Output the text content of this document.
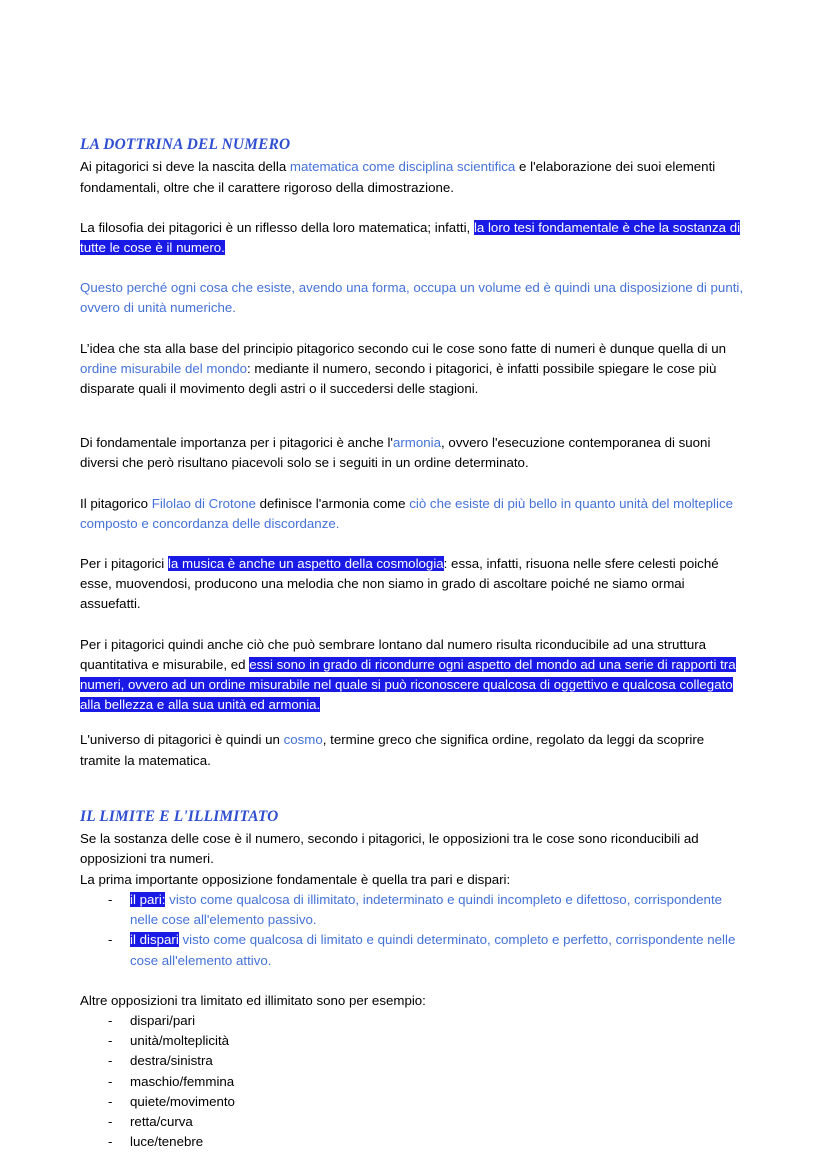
LA DOTTRINA DEL NUMERO

Ai pitagorici si deve la nascita della matematica come disciplina scientifica e l'elaborazione dei suoi elementi fondamentali, oltre che il carattere rigoroso della dimostrazione.

La filosofia dei pitagorici è un riflesso della loro matematica; infatti, la loro tesi fondamentale è che la sostanza di tutte le cose è il numero.

Questo perché ogni cosa che esiste, avendo una forma, occupa un volume ed è quindi una disposizione di punti, ovvero di unità numeriche.

L’idea che sta alla base del principio pitagorico secondo cui le cose sono fatte di numeri è dunque quella di un ordine misurabile del mondo: mediante il numero, secondo i pitagorici, è infatti possibile spiegare le cose più disparate quali il movimento degli astri o il succedersi delle stagioni.

Di fondamentale importanza per i pitagorici è anche l'armonia, ovvero l'esecuzione contemporanea di suoni diversi che però risultano piacevoli solo se i seguiti in un ordine determinato.

Il pitagorico Filolao di Crotone definisce l'armonia come ciò che esiste di più bello in quanto unità del molteplice composto e concordanza delle discordanze.

Per i pitagorici la musica è anche un aspetto della cosmologia: essa, infatti, risuona nelle sfere celesti poiché esse, muovendosi, producono una melodia che non siamo in grado di ascoltare poiché ne siamo ormai assuefatti.

Per i pitagorici quindi anche ciò che può sembrare lontano dal numero risulta riconducibile ad una struttura quantitativa e misurabile, ed essi sono in grado di ricondurre ogni aspetto del mondo ad una serie di rapporti tra numeri, ovvero ad un ordine misurabile nel quale si può riconoscere qualcosa di oggettivo e qualcosa collegato alla bellezza e alla sua unità ed armonia.

L'universo di pitagorici è quindi un cosmo, termine greco che significa ordine, regolato da leggi da scoprire tramite la matematica.

IL LIMITE E L'ILLIMITATO

Se la sostanza delle cose è il numero, secondo i pitagorici, le opposizioni tra le cose sono riconducibili ad opposizioni tra numeri.

La prima importante opposizione fondamentale è quella tra pari e dispari:

- il pari: visto come qualcosa di illimitato, indeterminato e quindi incompleto e difettoso, corrispondente nelle cose all'elemento passivo.
- il dispari visto come qualcosa di limitato e quindi determinato, completo e perfetto, corrispondente nelle cose all'elemento attivo.

Altre opposizioni tra limitato ed illimitato sono per esempio:

- dispari/pari
- unità/molteplicità
- destra/sinistra
- maschio/femmina
- quiete/movimento
- retta/curva
- luce/tenebre
